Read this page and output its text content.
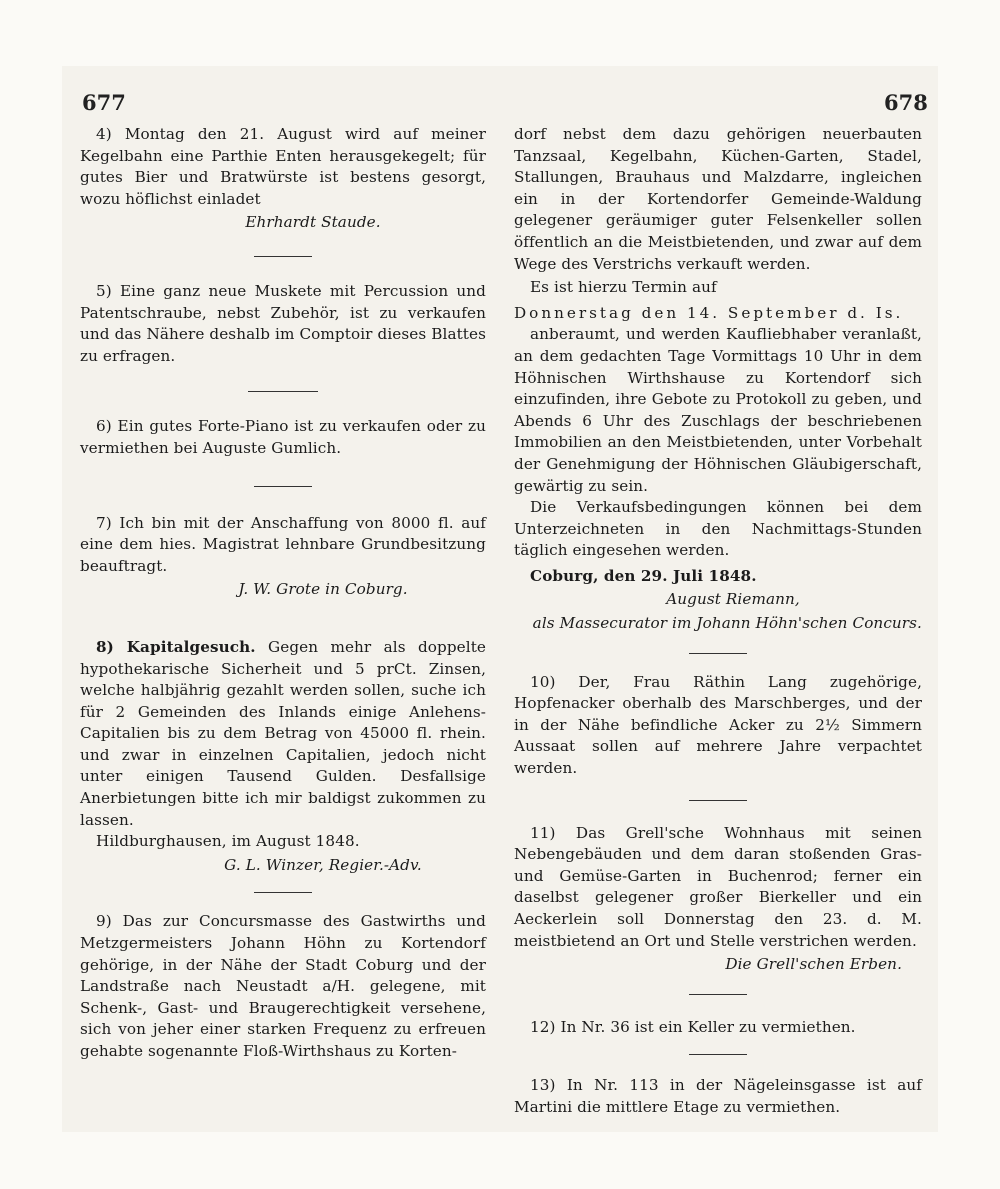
677	678

4) Montag den 21. August wird auf meiner Kegelbahn eine Parthie Enten herausgekegelt; für gutes Bier und Bratwürste ist bestens gesorgt, wozu höflichst einladet

Ehrhardt Staude.

5) Eine ganz neue Muskete mit Percussion und Patentschraube, nebst Zubehör, ist zu verkaufen und das Nähere deshalb im Comptoir dieses Blattes zu erfragen.

6) Ein gutes Forte-Piano ist zu verkaufen oder zu vermiethen bei Auguste Gumlich.

7) Ich bin mit der Anschaffung von 8000 fl. auf eine dem hies. Magistrat lehnbare Grundbesitzung beauftragt.

J. W. Grote in Coburg.

8) Kapitalgesuch. Gegen mehr als doppelte hypothekarische Sicherheit und 5 prCt. Zinsen, welche halbjährig gezahlt werden sollen, suche ich für 2 Gemeinden des Inlands einige Anlehens-Capitalien bis zu dem Betrag von 45000 fl. rhein. und zwar in einzelnen Capitalien, jedoch nicht unter einigen Tausend Gulden. Desfallsige Anerbietungen bitte ich mir baldigst zukommen zu lassen.

Hildburghausen, im August 1848.

G. L. Winzer, Regier.-Adv.

9) Das zur Concursmasse des Gastwirths und Metzgermeisters Johann Höhn zu Kortendorf gehörige, in der Nähe der Stadt Coburg und der Landstraße nach Neustadt a/H. gelegene, mit Schenk-, Gast- und Braugerechtigkeit versehene, sich von jeher einer starken Frequenz zu erfreuen gehabte sogenannte Floß-Wirthshaus zu Korten-

dorf nebst dem dazu gehörigen neuerbauten Tanzsaal, Kegelbahn, Küchen-Garten, Stadel, Stallungen, Brauhaus und Malzdarre, ingleichen ein in der Kortendorfer Gemeinde-Waldung gelegener geräumiger guter Felsenkeller sollen öffentlich an die Meistbietenden, und zwar auf dem Wege des Verstrichs verkauft werden.

Es ist hierzu Termin auf

Donnerstag den 14. September d. Is.

anberaumt, und werden Kaufliebhaber veranlaßt, an dem gedachten Tage Vormittags 10 Uhr in dem Höhnischen Wirthshause zu Kortendorf sich einzufinden, ihre Gebote zu Protokoll zu geben, und Abends 6 Uhr des Zuschlags der beschriebenen Immobilien an den Meistbietenden, unter Vorbehalt der Genehmigung der Höhnischen Gläubigerschaft, gewärtig zu sein.

Die Verkaufsbedingungen können bei dem Unterzeichneten in den Nachmittags-Stunden täglich eingesehen werden.

Coburg, den 29. Juli 1848.

August Riemann,
als Massecurator im Johann Höhn'schen Concurs.

10) Der, Frau Räthin Lang zugehörige, Hopfenacker oberhalb des Marschberges, und der in der Nähe befindliche Acker zu 2½ Simmern Aussaat sollen auf mehrere Jahre verpachtet werden.

11) Das Grell'sche Wohnhaus mit seinen Nebengebäuden und dem daran stoßenden Gras- und Gemüse-Garten in Buchenrod; ferner ein daselbst gelegener großer Bierkeller und ein Aeckerlein soll Donnerstag den 23. d. M. meistbietend an Ort und Stelle verstrichen werden.

Die Grell'schen Erben.

12) In Nr. 36 ist ein Keller zu vermiethen.

13) In Nr. 113 in der Nägeleinsgasse ist auf Martini die mittlere Etage zu vermiethen.
